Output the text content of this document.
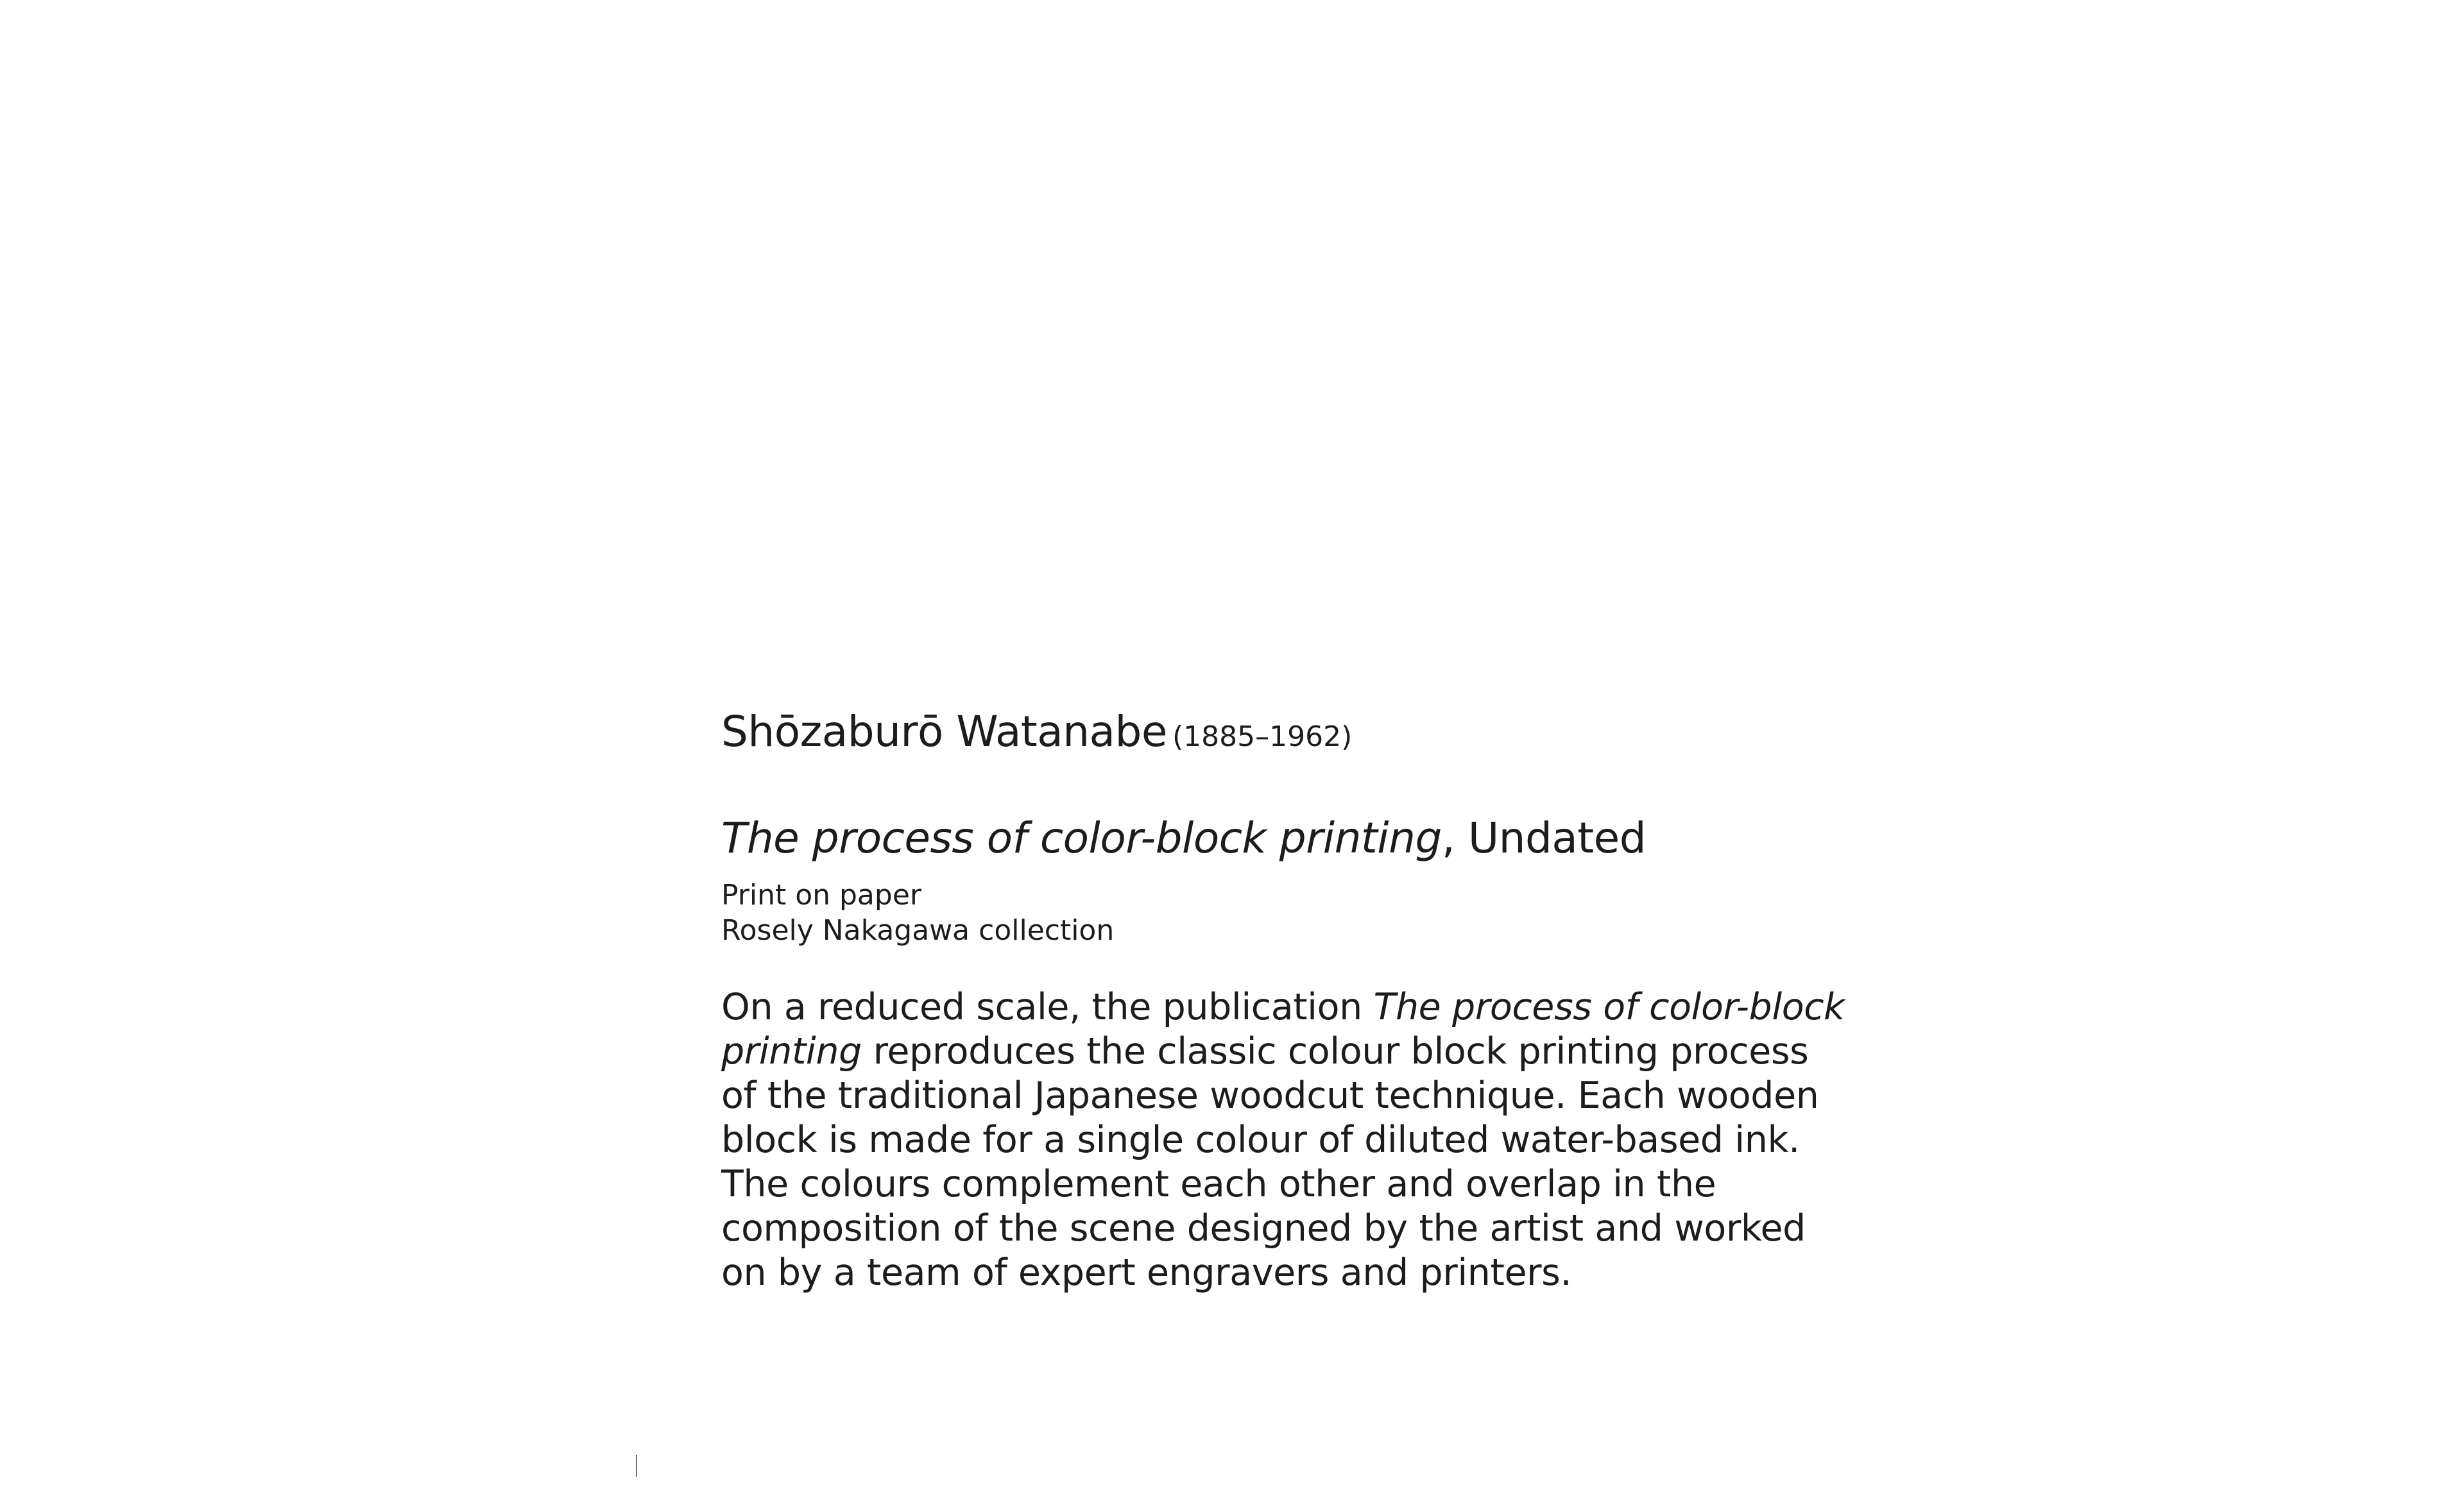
Shōzaburō Watanabe (1885–1962)

The process of color-block printing, Undated

Print on paper
Rosely Nakagawa collection

On a reduced scale, the publication The process of color-block
printing reproduces the classic colour block printing process
of the traditional Japanese woodcut technique. Each wooden
block is made for a single colour of diluted water-based ink.
The colours complement each other and overlap in the
composition of the scene designed by the artist and worked
on by a team of expert engravers and printers.
